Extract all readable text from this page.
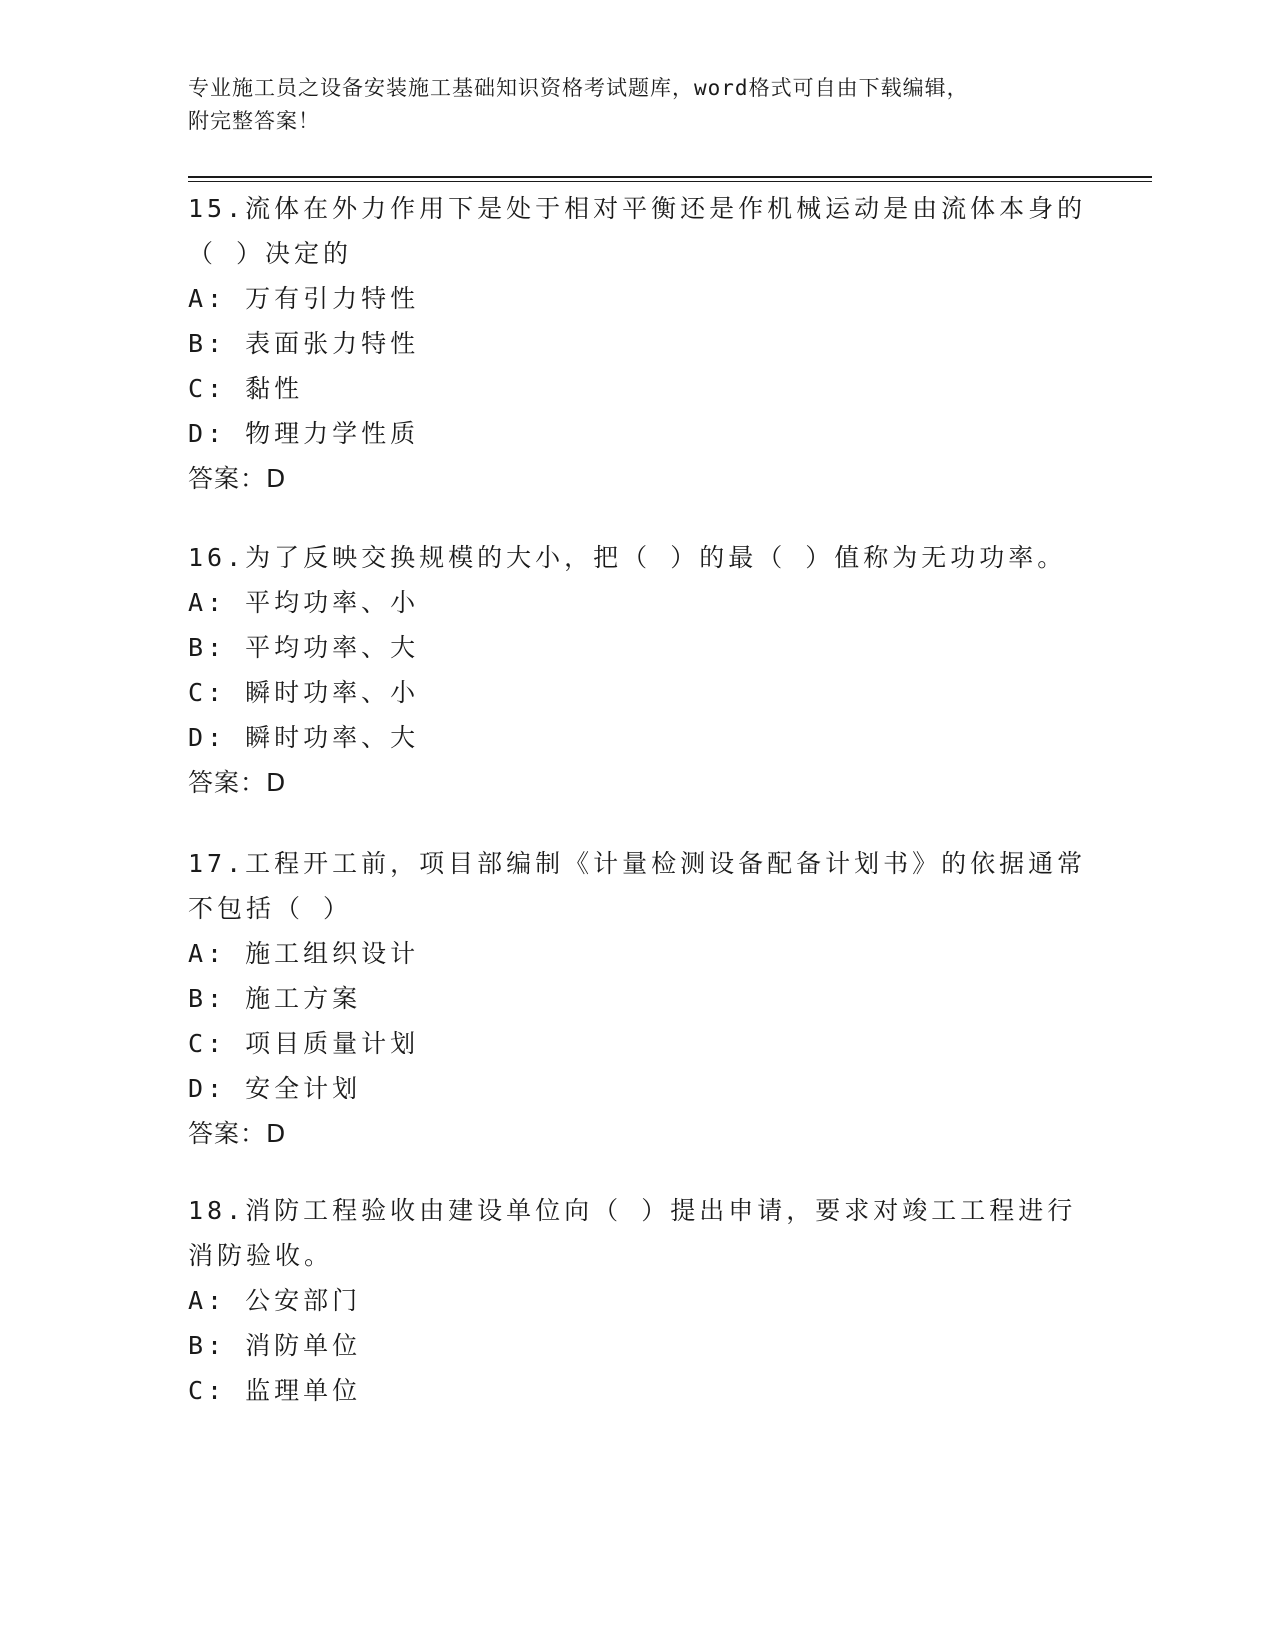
专业施工员之设备安装施工基础知识资格考试题库，word格式可自由下载编辑，
附完整答案！

15.流体在外力作用下是处于相对平衡还是作机械运动是由流体本身的（ ）决定的

A: 万有引力特性

B: 表面张力特性

C: 黏性

D: 物理力学性质

答案：D

16.为了反映交换规模的大小，把（ ）的最（ ）值称为无功功率。

A: 平均功率、小

B: 平均功率、大

C: 瞬时功率、小

D: 瞬时功率、大

答案：D

17.工程开工前，项目部编制《计量检测设备配备计划书》的依据通常不包括（ ）

A: 施工组织设计

B: 施工方案

C: 项目质量计划

D: 安全计划

答案：D

18.消防工程验收由建设单位向（ ）提出申请，要求对竣工工程进行消防验收。

A: 公安部门

B: 消防单位

C: 监理单位
